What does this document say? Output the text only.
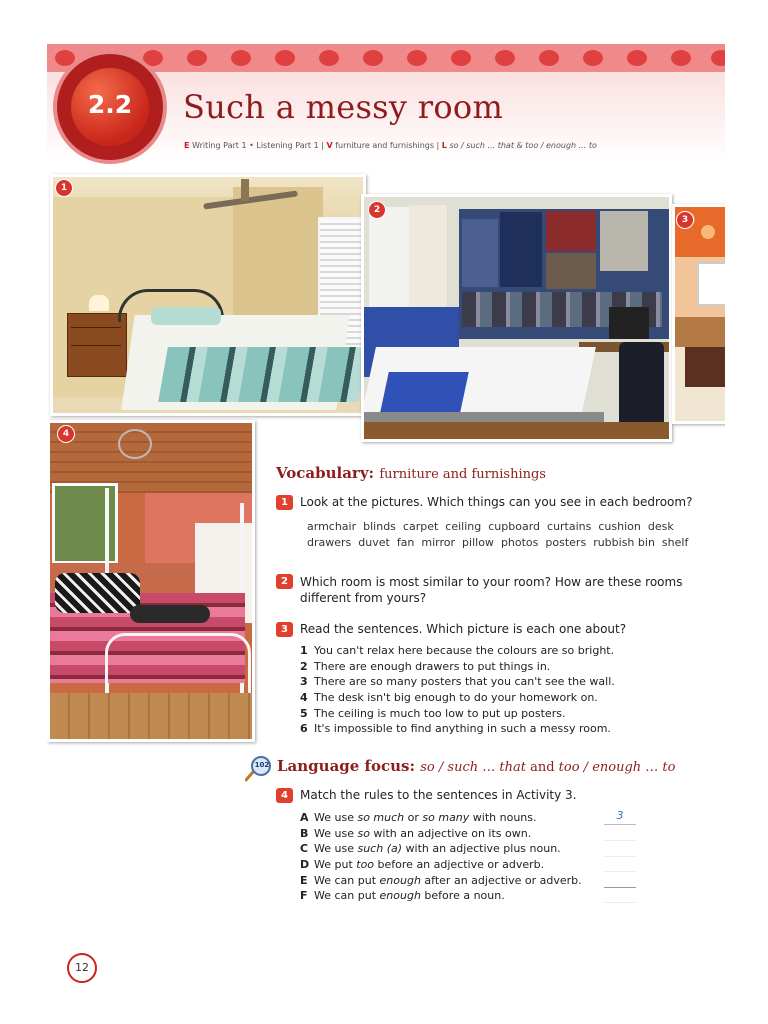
2.2	Such a messy room
E Writing Part 1 • Listening Part 1 | V furniture and furnishings | L so / such ... that & too / enough ... to
1
2
3
4
Vocabulary: furniture and furnishings
1	Look at the pictures. Which things can you see in each bedroom?
armchair blinds carpet ceiling cupboard curtains cushion desk
drawers duvet fan mirror pillow photos posters rubbish bin shelf
2	Which room is most similar to your room? How are these rooms
different from yours?
3	Read the sentences. Which picture is each one about?
1 You can't relax here because the colours are so bright.
2 There are enough drawers to put things in.
3 There are so many posters that you can't see the wall.
4 The desk isn't big enough to do your homework on.
5 The ceiling is much too low to put up posters.
6 It's impossible to find anything in such a messy room.
102 Language focus: so / such … that and too / enough … to
4	Match the rules to the sentences in Activity 3.
A We use so much or so many with nouns.
B We use so with an adjective on its own.
C We use such (a) with an adjective plus noun.
D We put too before an adjective or adverb.
E We can put enough after an adjective or adverb.
F We can put enough before a noun.
3
12
